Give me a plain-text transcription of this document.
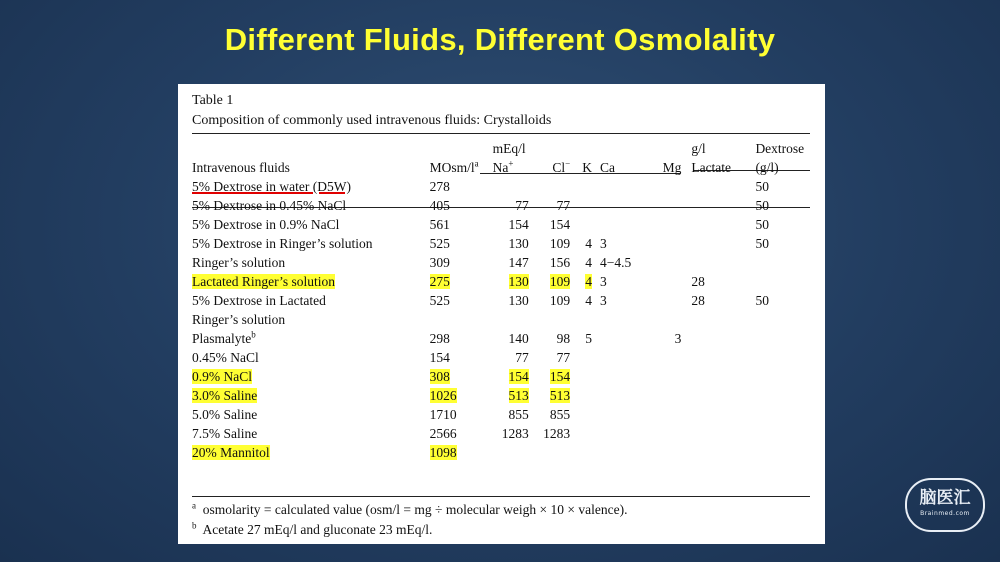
Different Fluids, Different Osmolality
Table 1
Composition of commonly used intravenous fluids: Crystalloids
		mEq/l					g/l	Dextrose
Intravenous fluids	MOsm/$l^a$	Na+	Cl−	K	Ca	Mg	Lactate	(g/l)
5% Dextrose in water (D5W)	278							50
5% Dextrose in 0.45% NaCl	405	77	77					50
5% Dextrose in 0.9% NaCl	561	154	154					50
5% Dextrose in Ringer’s solution	525	130	109	4	3			50
Ringer’s solution	309	147	156	4	4−4.5			
Lactated Ringer’s solution	275	130	109	4	3		28	
5% Dextrose in Lactated	525	130	109	4	3		28	50
Ringer’s solution								
Plasmalyte$^b$	298	140	98	5		3		
0.45% NaCl	154	77	77					
0.9% NaCl	308	154	154					
3.0% Saline	1026	513	513					
5.0% Saline	1710	855	855					
7.5% Saline	2566	1283	1283					
20% Mannitol	1098							
$^a$ osmolarity = calculated value (osm/l = mg ÷ molecular weigh × 10 × valence).
$^b$ Acetate 27 mEq/l and gluconate 23 mEq/l.
脑医汇
Brainmed.com
